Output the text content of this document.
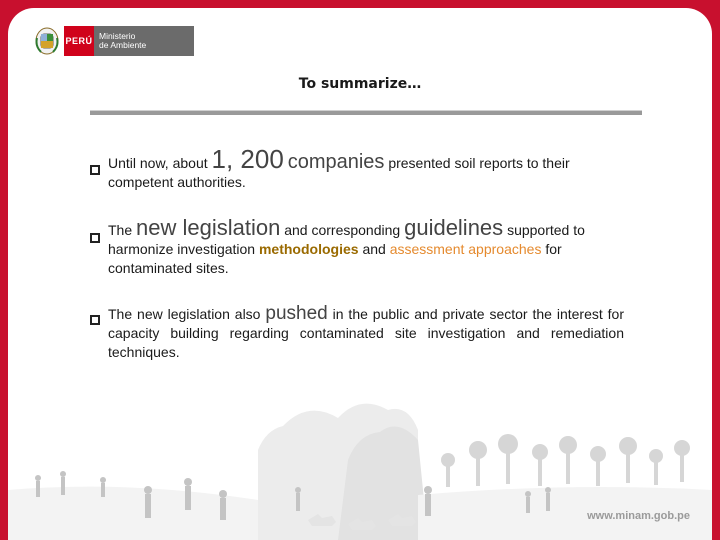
PERÚ Ministerio
de Ambiente
To summarize…
Until now, about 1, 200 companies presented soil reports to their competent authorities.
The new legislation and corresponding guidelines supported to harmonize investigation methodologies and assessment approaches for contaminated sites.
The new legislation also pushed in the public and private sector the interest for capacity building regarding contaminated site investigation and remediation techniques.
www.minam.gob.pe
